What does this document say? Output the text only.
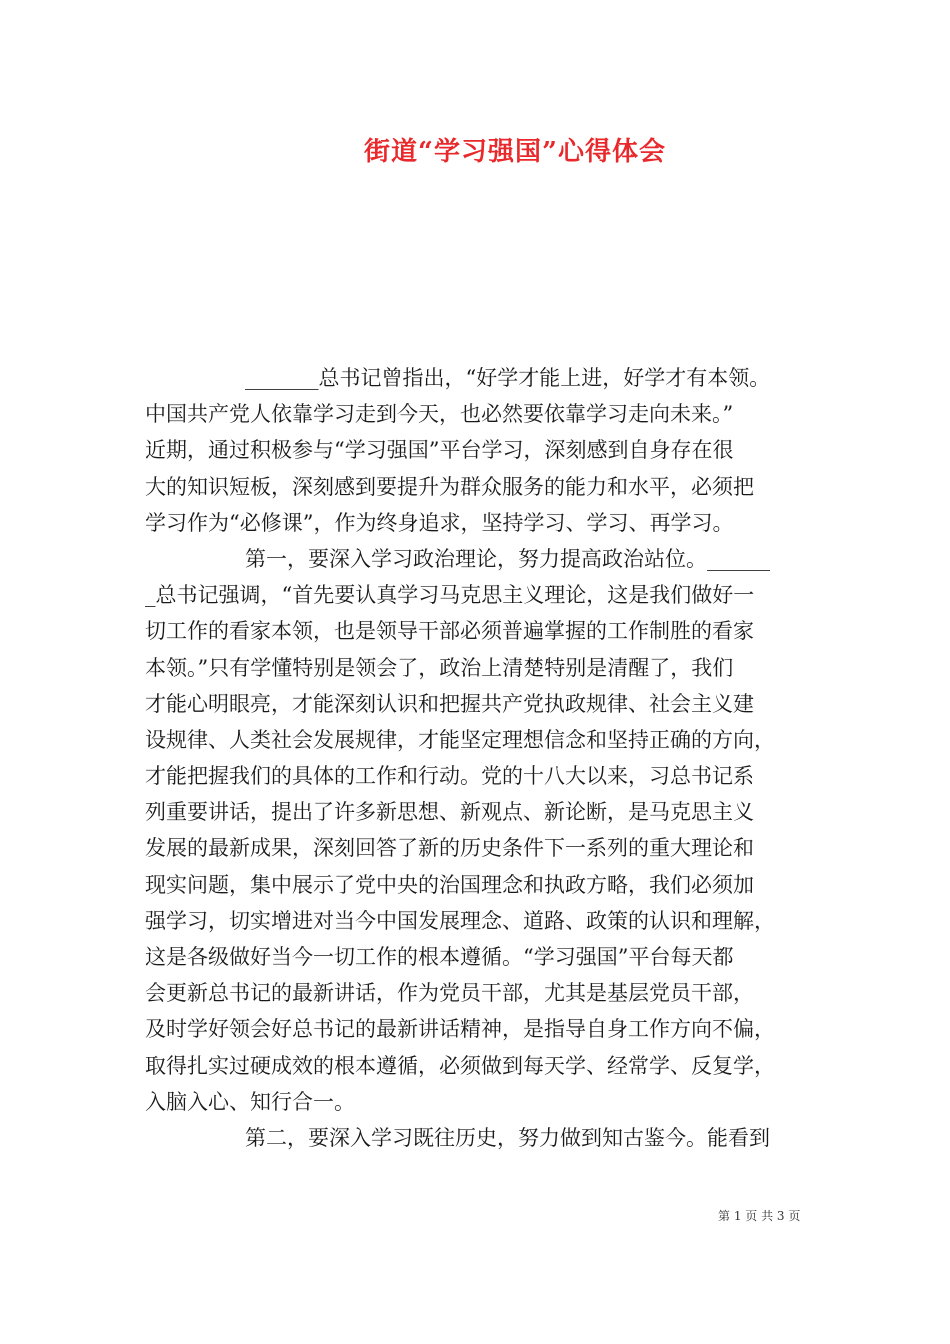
街道“学习强国”心得体会
_______总书记曾指出，“好学才能上进，好学才有本领。
中国共产党人依靠学习走到今天，也必然要依靠学习走向未来。”
近期，通过积极参与“学习强国”平台学习，深刻感到自身存在很
大的知识短板，深刻感到要提升为群众服务的能力和水平，必须把
学习作为“必修课”，作为终身追求，坚持学习、学习、再学习。
第一，要深入学习政治理论，努力提高政治站位。______
_总书记强调，“首先要认真学习马克思主义理论，这是我们做好一
切工作的看家本领，也是领导干部必须普遍掌握的工作制胜的看家
本领。”只有学懂特别是领会了，政治上清楚特别是清醒了，我们
才能心明眼亮，才能深刻认识和把握共产党执政规律、社会主义建
设规律、人类社会发展规律，才能坚定理想信念和坚持正确的方向，
才能把握我们的具体的工作和行动。党的十八大以来，习总书记系
列重要讲话，提出了许多新思想、新观点、新论断，是马克思主义
发展的最新成果，深刻回答了新的历史条件下一系列的重大理论和
现实问题，集中展示了党中央的治国理念和执政方略，我们必须加
强学习，切实增进对当今中国发展理念、道路、政策的认识和理解，
这是各级做好当今一切工作的根本遵循。“学习强国”平台每天都
会更新总书记的最新讲话，作为党员干部，尤其是基层党员干部，
及时学好领会好总书记的最新讲话精神，是指导自身工作方向不偏，
取得扎实过硬成效的根本遵循，必须做到每天学、经常学、反复学，
入脑入心、知行合一。
第二，要深入学习既往历史，努力做到知古鉴今。能看到
第 1 页 共 3 页
